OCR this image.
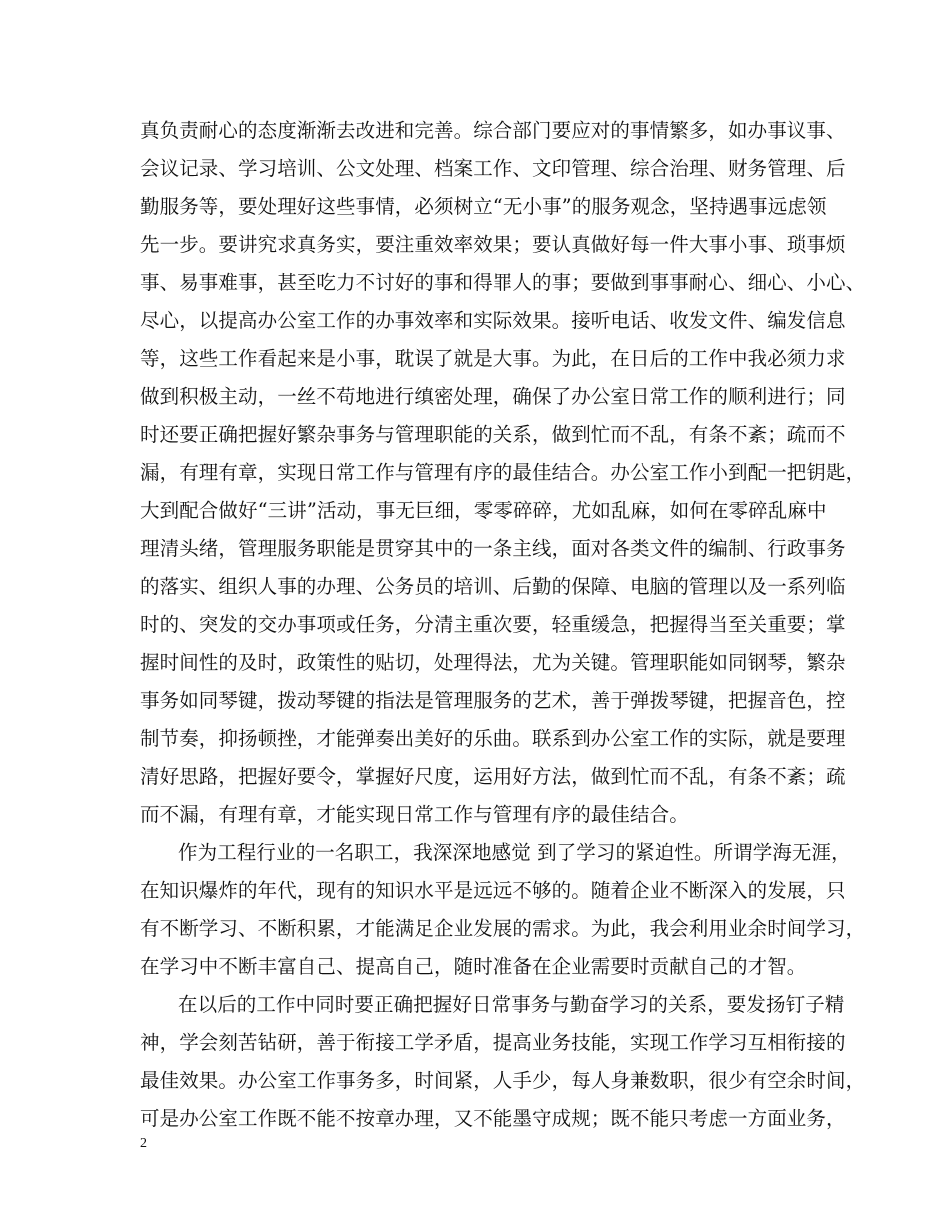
真负责耐心的态度渐渐去改进和完善。综合部门要应对的事情繁多，如办事议事、

会议记录、学习培训、公文处理、档案工作、文印管理、综合治理、财务管理、后

勤服务等，要处理好这些事情，必须树立“无小事”的服务观念，坚持遇事远虑领

先一步。要讲究求真务实，要注重效率效果；要认真做好每一件大事小事、琐事烦

事、易事难事，甚至吃力不讨好的事和得罪人的事；要做到事事耐心、细心、小心、

尽心，以提高办公室工作的办事效率和实际效果。接听电话、收发文件、编发信息

等，这些工作看起来是小事，耽误了就是大事。为此，在日后的工作中我必须力求

做到积极主动，一丝不苟地进行缜密处理，确保了办公室日常工作的顺利进行；同

时还要正确把握好繁杂事务与管理职能的关系，做到忙而不乱，有条不紊；疏而不

漏，有理有章，实现日常工作与管理有序的最佳结合。办公室工作小到配一把钥匙，

大到配合做好“三讲”活动，事无巨细，零零碎碎，尤如乱麻，如何在零碎乱麻中

理清头绪，管理服务职能是贯穿其中的一条主线，面对各类文件的编制、行政事务

的落实、组织人事的办理、公务员的培训、后勤的保障、电脑的管理以及一系列临

时的、突发的交办事项或任务，分清主重次要，轻重缓急，把握得当至关重要；掌

握时间性的及时，政策性的贴切，处理得法，尤为关键。管理职能如同钢琴，繁杂

事务如同琴键，拨动琴键的指法是管理服务的艺术，善于弹拨琴键，把握音色，控

制节奏，抑扬顿挫，才能弹奏出美好的乐曲。联系到办公室工作的实际，就是要理

清好思路，把握好要令，掌握好尺度，运用好方法，做到忙而不乱，有条不紊；疏

而不漏，有理有章，才能实现日常工作与管理有序的最佳结合。

作为工程行业的一名职工，我深深地感觉 到了学习的紧迫性。所谓学海无涯，

在知识爆炸的年代，现有的知识水平是远远不够的。随着企业不断深入的发展，只

有不断学习、不断积累，才能满足企业发展的需求。为此，我会利用业余时间学习，

在学习中不断丰富自己、提高自己，随时准备在企业需要时贡献自己的才智。

在以后的工作中同时要正确把握好日常事务与勤奋学习的关系，要发扬钉子精

神，学会刻苦钻研，善于衔接工学矛盾，提高业务技能，实现工作学习互相衔接的

最佳效果。办公室工作事务多，时间紧，人手少，每人身兼数职，很少有空余时间，

可是办公室工作既不能不按章办理，又不能墨守成规；既不能只考虑一方面业务，

2
